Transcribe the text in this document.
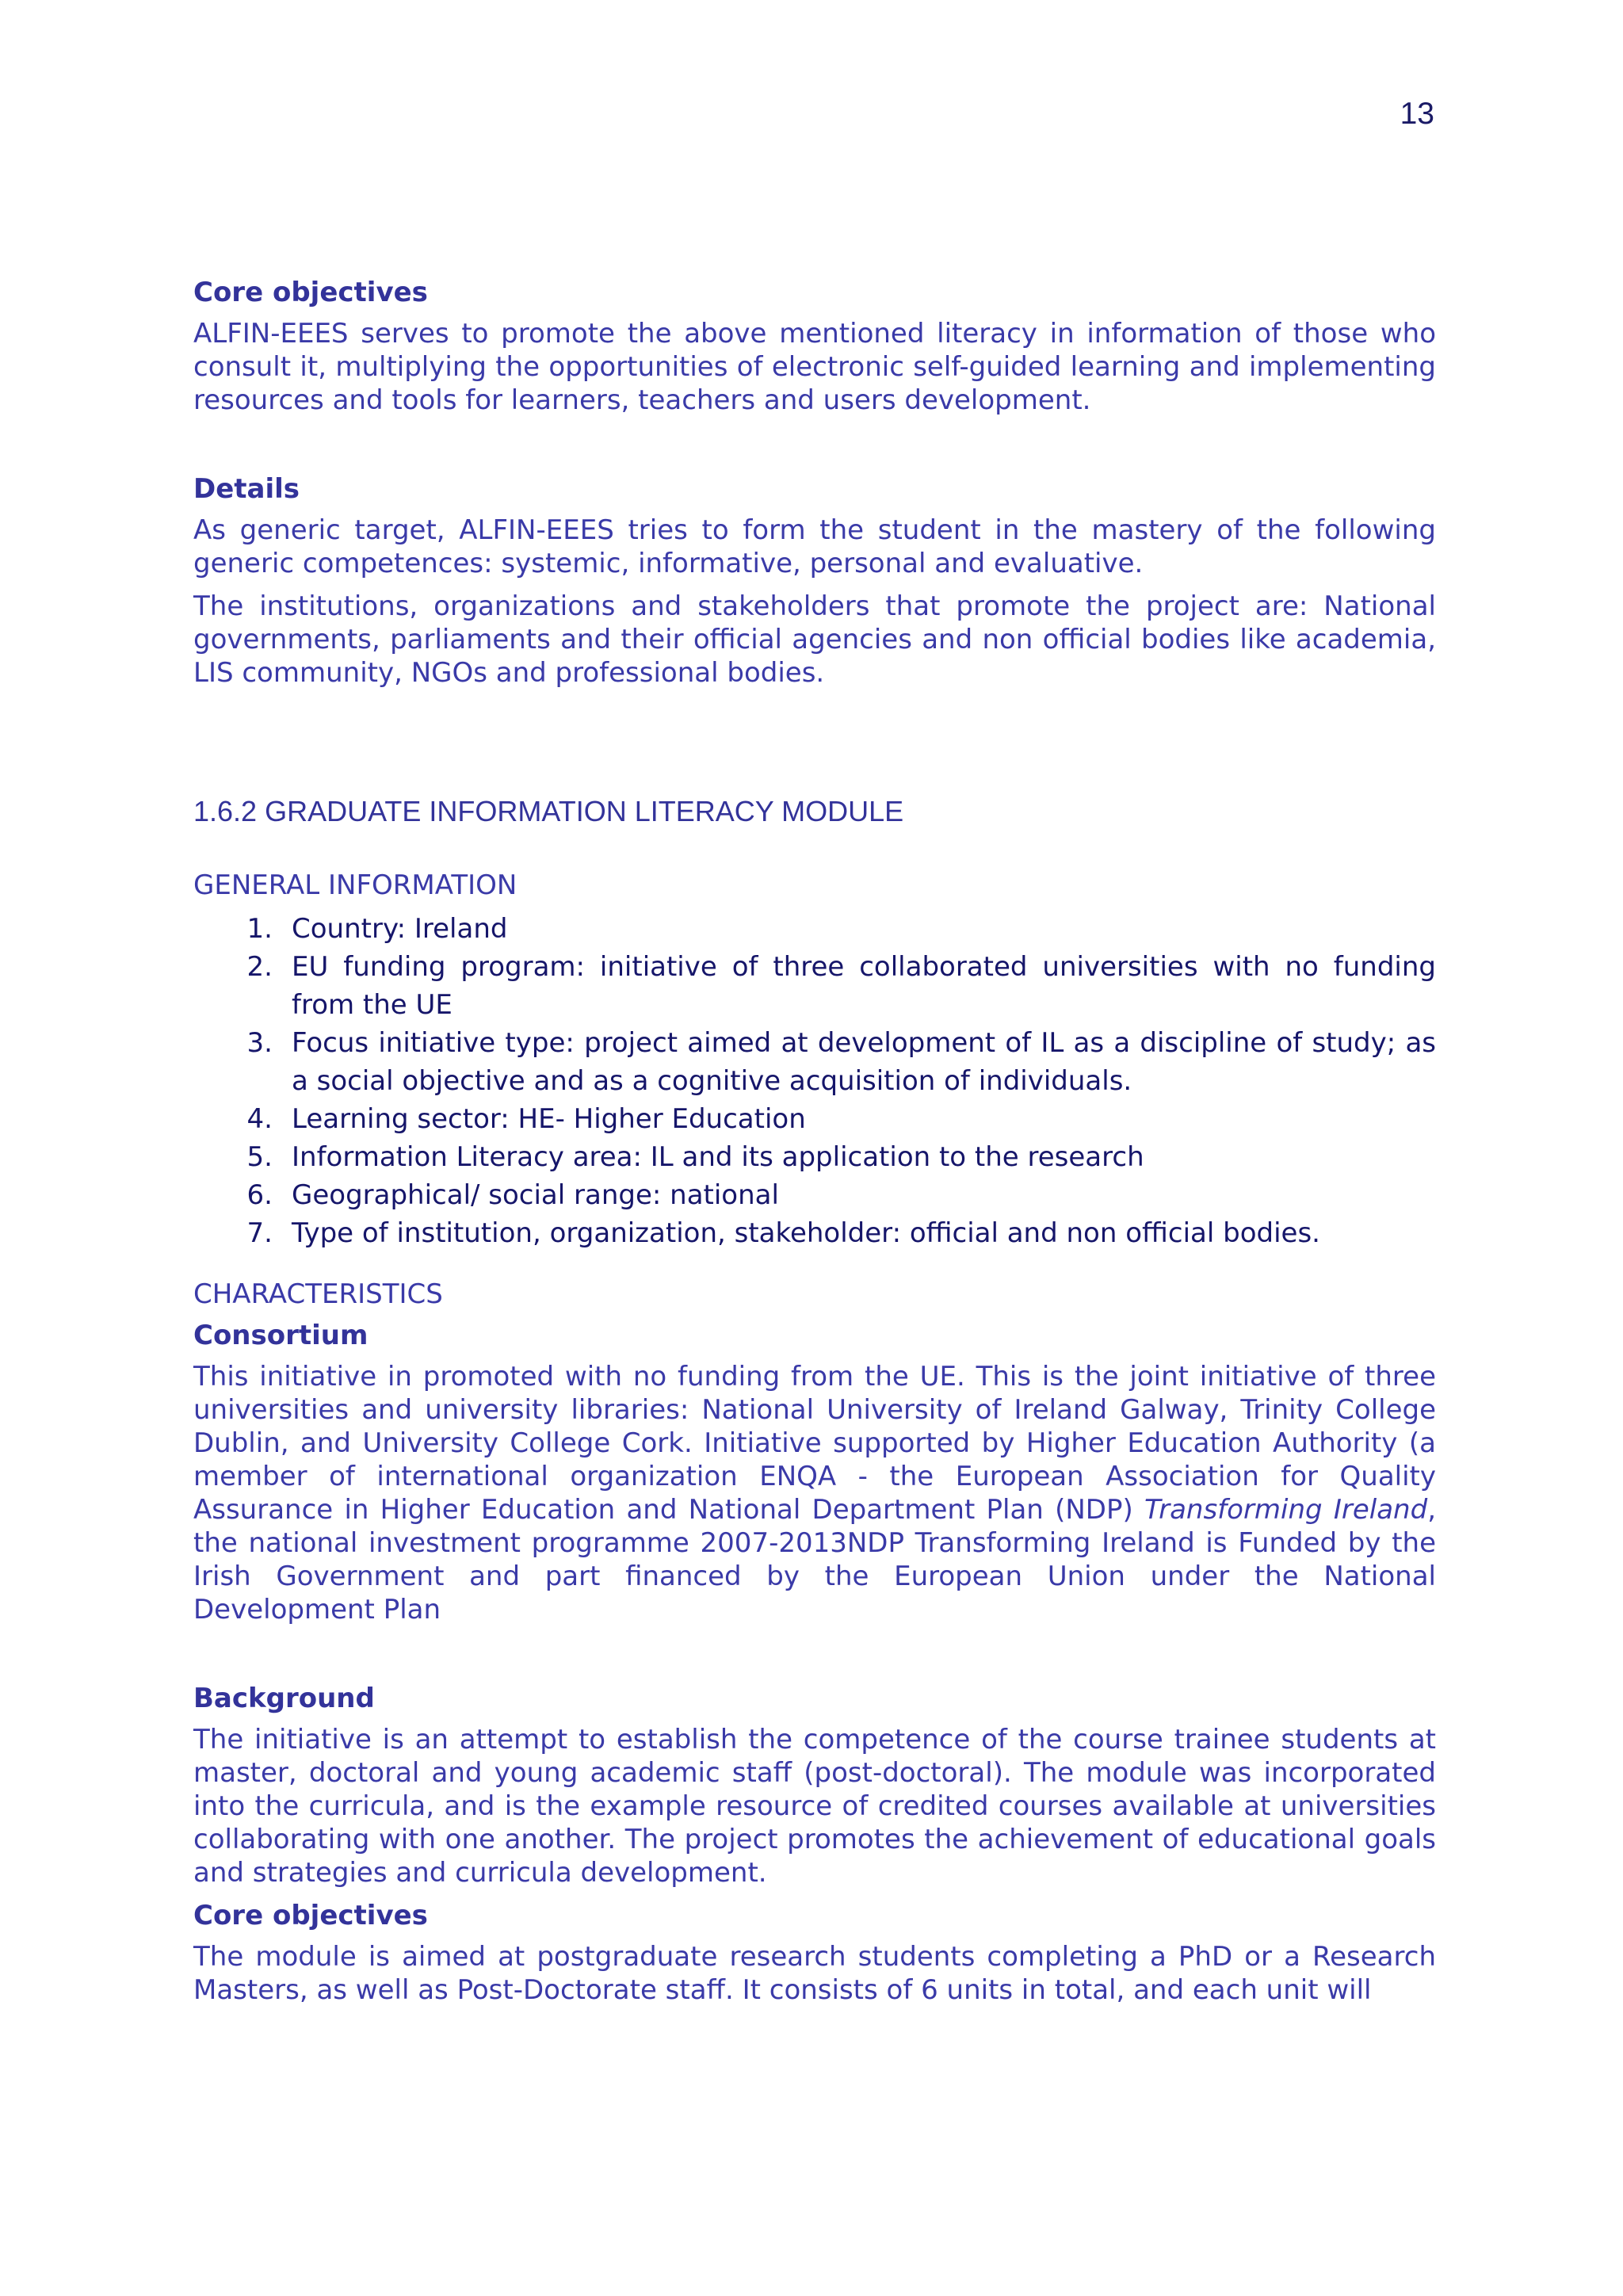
13

Core objectives

ALFIN-EEES serves to promote the above mentioned literacy in information of those who consult it, multiplying the opportunities of electronic self-guided learning and implementing resources and tools for learners, teachers and users development.

Details

As generic target, ALFIN-EEES tries to form the student in the mastery of the following generic competences: systemic, informative, personal and evaluative.

The institutions, organizations and stakeholders that promote the project are: National governments, parliaments and their official agencies and non official bodies like academia, LIS community, NGOs and professional bodies.

1.6.2 GRADUATE INFORMATION LITERACY MODULE

GENERAL INFORMATION

1. Country: Ireland
2. EU funding program: initiative of three collaborated universities with no funding from the UE
3. Focus initiative type: project aimed at development of IL as a discipline of study; as a social objective and as a cognitive acquisition of individuals.
4. Learning sector: HE- Higher Education
5. Information Literacy area: IL and its application to the research
6. Geographical/ social range: national
7. Type of institution, organization, stakeholder: official and non official bodies.

CHARACTERISTICS

Consortium

This initiative in promoted with no funding from the UE. This is the joint initiative of three universities and university libraries: National University of Ireland Galway, Trinity College Dublin, and University College Cork. Initiative supported by Higher Education Authority (a member of international organization ENQA - the European Association for Quality Assurance in Higher Education and National Department Plan (NDP) Transforming Ireland, the national investment programme 2007-2013NDP Transforming Ireland is Funded by the Irish Government and part financed by the European Union under the National Development Plan

Background

The initiative is an attempt to establish the competence of the course trainee students at master, doctoral and young academic staff (post-doctoral). The module was incorporated into the curricula, and is the example resource of credited courses available at universities collaborating with one another. The project promotes the achievement of educational goals and strategies and curricula development.

Core objectives

The module is aimed at postgraduate research students completing a PhD or a Research Masters, as well as Post-Doctorate staff. It consists of 6 units in total, and each unit will
